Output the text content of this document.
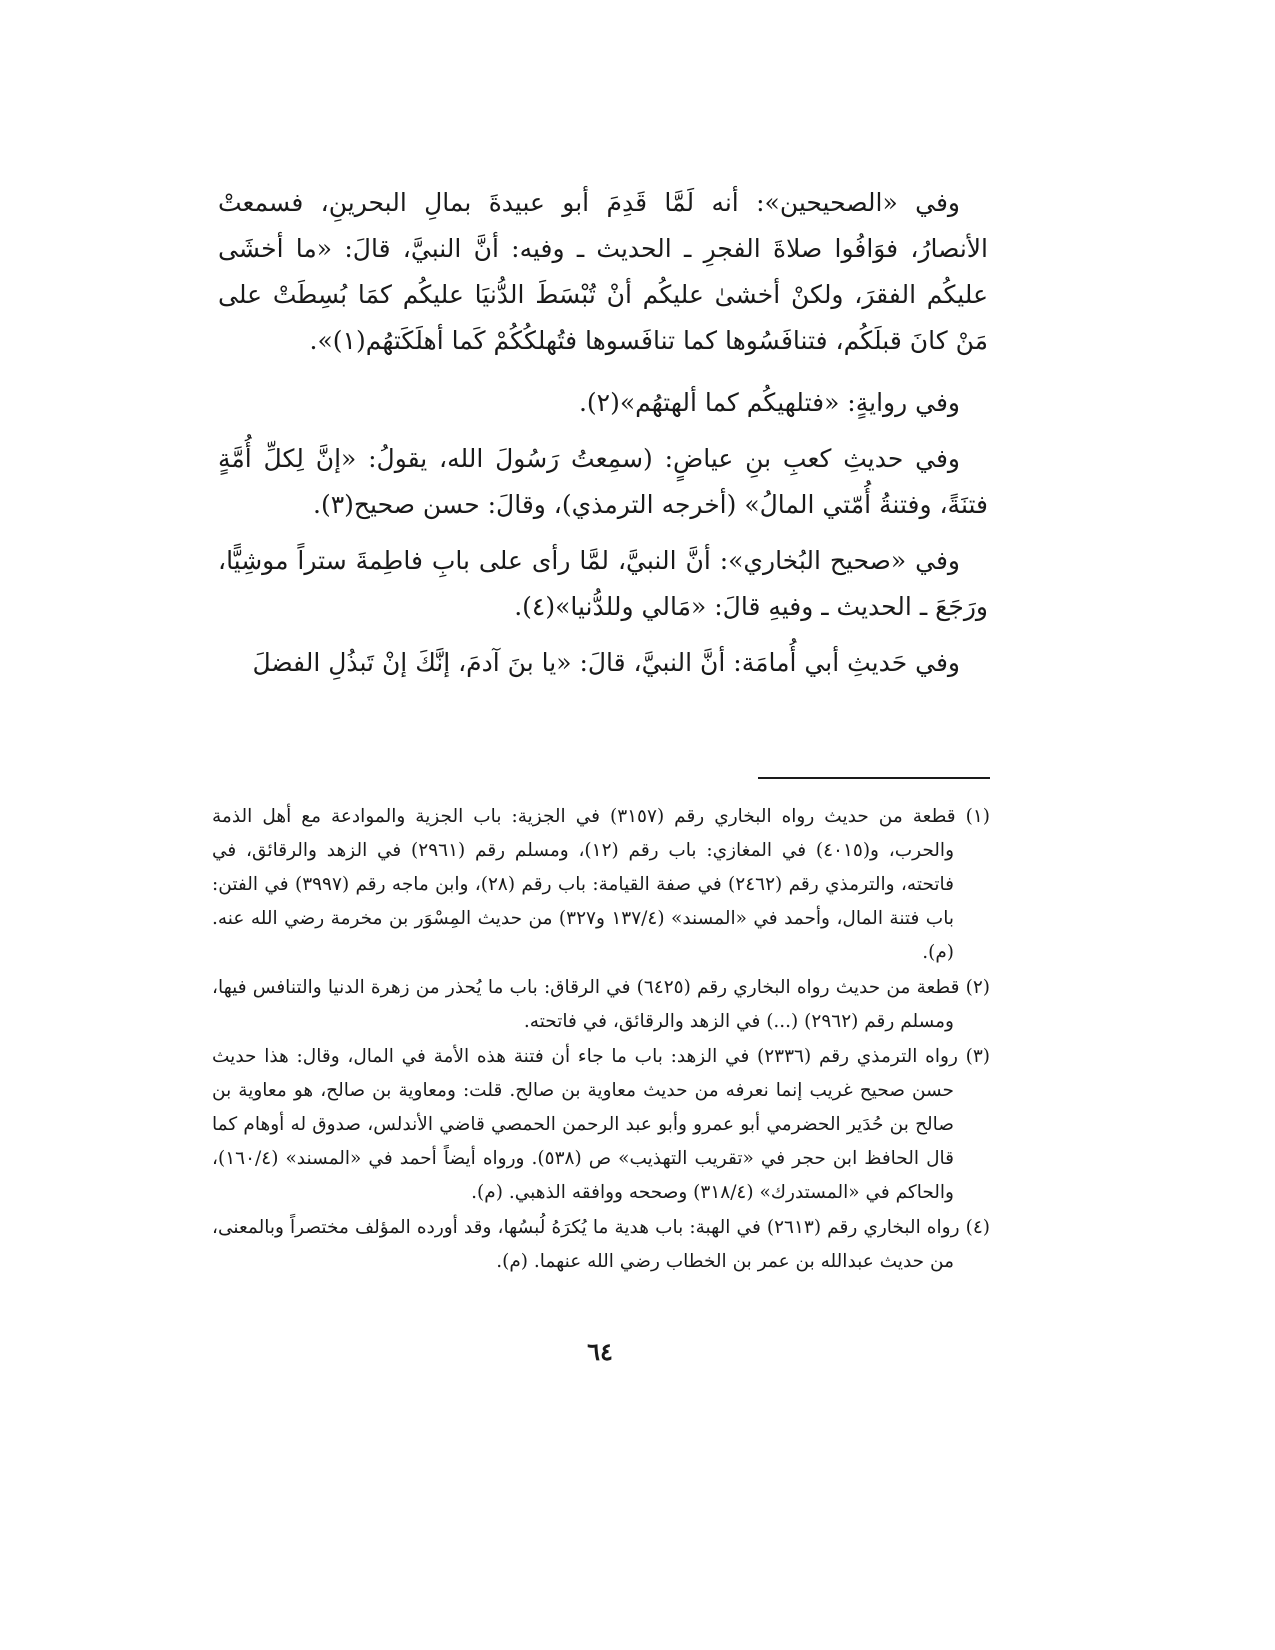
وفي «الصحيحين»: أنه لَمَّا قَدِمَ أبو عبيدةَ بمالِ البحرينِ، فسمعتْ الأنصارُ، فوَافُوا صلاةَ الفجرِ ـ الحديث ـ وفيه: أنَّ النبيَّ، قالَ: «ما أخشَى عليكُم الفقرَ، ولكنْ أخشىٰ عليكُم أنْ تُبْسَطَ الدُّنيَا عليكُم كمَا بُسِطَتْ على مَنْ كانَ قبلَكُم، فتنافَسُوها كما تنافَسوها فتُهلكُكُمْ كَما أهلَكَتهُم(١)».

وفي روايةٍ: «فتلهيكُم كما ألهتهُم»(٢).

وفي حديثِ كعبِ بنِ عياضٍ: (سمِعتُ رَسُولَ الله، يقولُ: «إنَّ لِكلِّ أُمَّةٍ فتنَةً، وفتنةُ أُمّتي المالُ» (أخرجه الترمذي)، وقالَ: حسن صحيح(٣).

وفي «صحيح البُخاري»: أنَّ النبيَّ، لمَّا رأى على بابِ فاطِمةَ ستراً موشِيًّا، ورَجَعَ ـ الحديث ـ وفيهِ قالَ: «مَالي وللدُّنيا»(٤).

وفي حَديثِ أبي أُمامَة: أنَّ النبيَّ، قالَ: «يا بنَ آدمَ، إنَّكَ إنْ تَبذُلِ الفضلَ

(١) قطعة من حديث رواه البخاري رقم (٣١٥٧) في الجزية: باب الجزية والموادعة مع أهل الذمة والحرب، و(٤٠١٥) في المغازي: باب رقم (١٢)، ومسلم رقم (٢٩٦١) في الزهد والرقائق، في فاتحته، والترمذي رقم (٢٤٦٢) في صفة القيامة: باب رقم (٢٨)، وابن ماجه رقم (٣٩٩٧) في الفتن: باب فتنة المال، وأحمد في «المسند» (١٣٧/٤ و٣٢٧) من حديث المِسْوَر بن مخرمة رضي الله عنه. (م).

(٢) قطعة من حديث رواه البخاري رقم (٦٤٢٥) في الرقاق: باب ما يُحذر من زهرة الدنيا والتنافس فيها، ومسلم رقم (٢٩٦٢) (...) في الزهد والرقائق، في فاتحته.

(٣) رواه الترمذي رقم (٢٣٣٦) في الزهد: باب ما جاء أن فتنة هذه الأمة في المال، وقال: هذا حديث حسن صحيح غريب إنما نعرفه من حديث معاوية بن صالح. قلت: ومعاوية بن صالح، هو معاوية بن صالح بن حُدَير الحضرمي أبو عمرو وأبو عبد الرحمن الحمصي قاضي الأندلس، صدوق له أوهام كما قال الحافظ ابن حجر في «تقريب التهذيب» ص (٥٣٨). ورواه أيضاً أحمد في «المسند» (١٦٠/٤)، والحاكم في «المستدرك» (٣١٨/٤) وصححه ووافقه الذهبي. (م).

(٤) رواه البخاري رقم (٢٦١٣) في الهبة: باب هدية ما يُكرَهُ لُبسُها، وقد أورده المؤلف مختصراً وبالمعنى، من حديث عبدالله بن عمر بن الخطاب رضي الله عنهما. (م).

٦٤
